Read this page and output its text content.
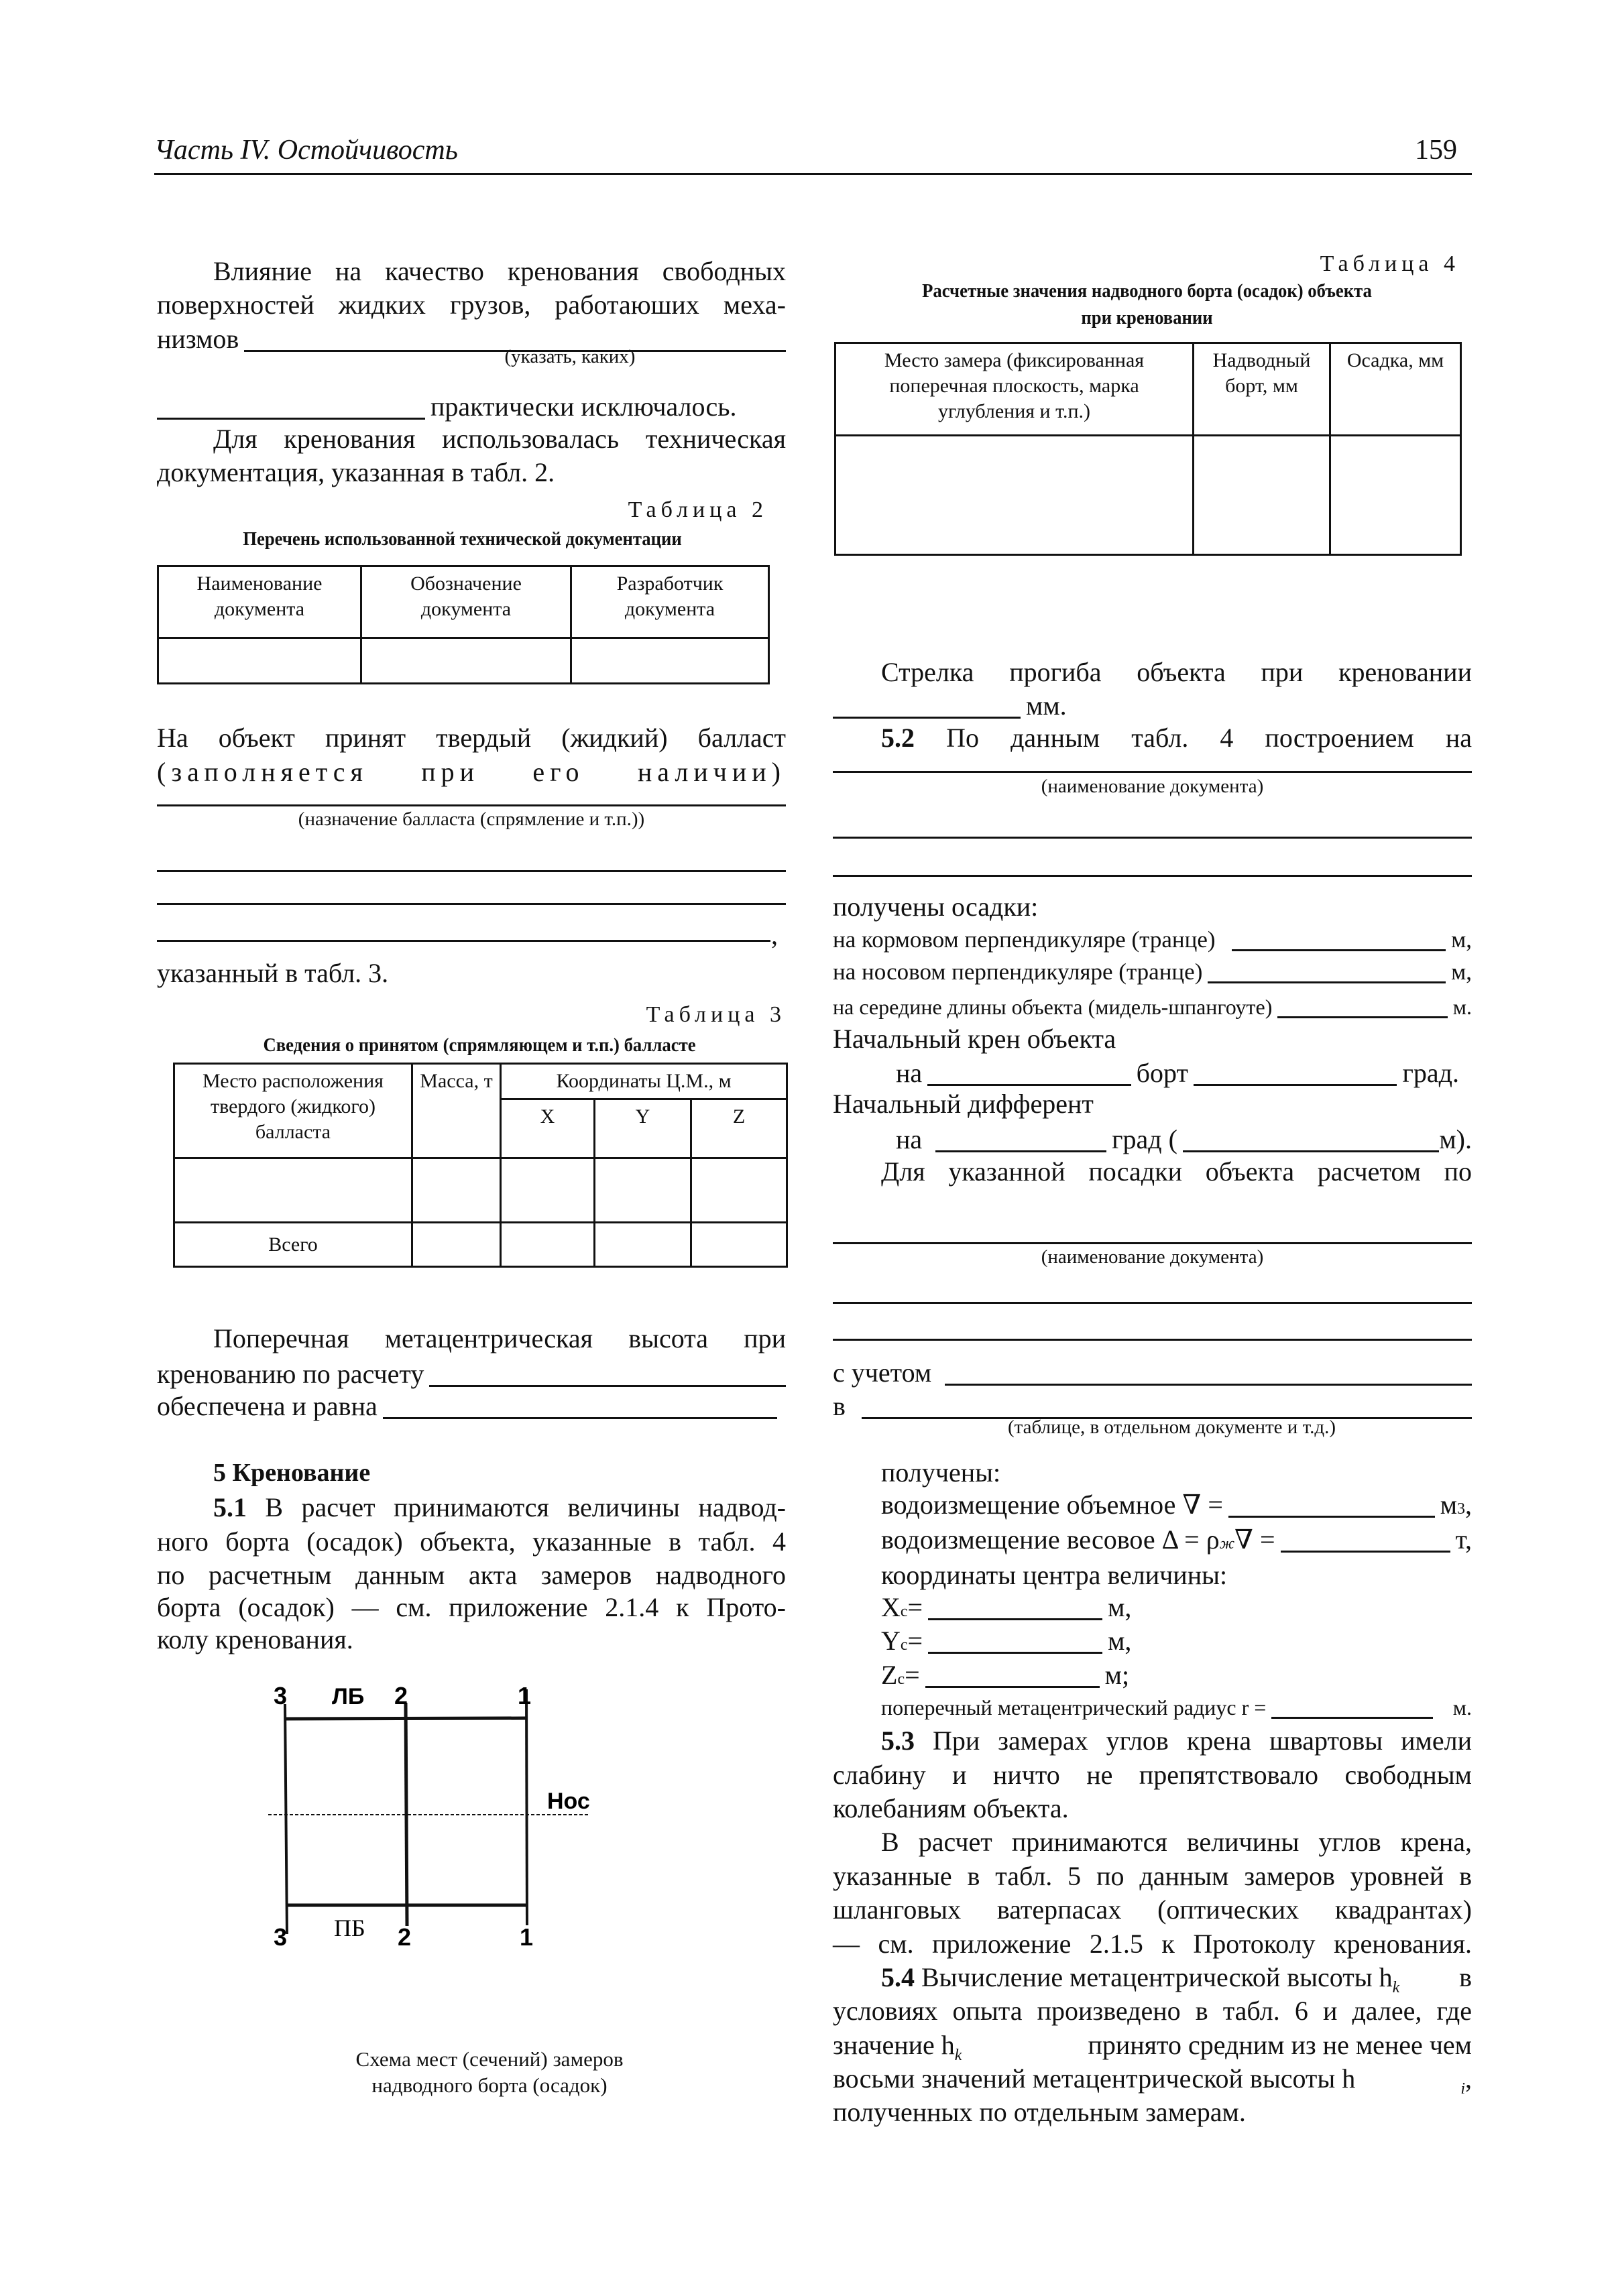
Часть IV. Остойчивость	159
Влияние на качество кренования свободных
поверхностей жидких грузов, работаюших меха-
низмов
(указать, каких)
практически исключалось.
Для кренования использовалась техническая
документация, указанная в табл. 2.
Таблица 2
Перечень использованной технической документации
Наименование документа	Обозначение документа	Разработчик документа

На объект принят твердый (жидкий) балласт
(заполняется при его наличии)
(назначение балласта (спрямление и т.п.))
,
указанный в табл. 3.
Таблица 3
Сведения о принятом (спрямляющем и т.п.) балласте
Место расположения твердого (жидкого) балласта	Масса, т	Координаты Ц.М., м		
		X	Y	Z

Всего				
Поперечная метацентрическая высота при
кренованию по расчету
обеспечена и равна
5 Кренование
5.1 В расчет принимаются величины надвод-
ного борта (осадок) объекта, указанные в табл. 4
по расчетным данным акта замеров надводного
борта (осадок) — см. приложение 2.1.4 к Прото-
колу кренования.
3 ЛБ 2	1
Нос
3 ПБ 2	1
Схема мест (сечений) замеров
надводного борта (осадок)
Таблица 4
Расчетные значения надводного борта (осадок) объекта
при креновании
Место замера (фиксированная поперечная плоскость, марка углубления и т.п.)	Надводный борт, мм	Осадка, мм

Стрелка прогиба объекта при креновании
мм.
5.2 По данным табл. 4 построением на
(наименование документа)
получены осадки:
на кормовом перпендикуляре (транце)	м,
на носовом перпендикуляре (транце)	м,
на середине длины объекта (мидель-шпангоуте)	м.
Начальный крен объекта
на	борт	град.
Начальный дифферент
на	град (	м).
Для указанной посадки объекта расчетом по
(наименование документа)
с учетом
в
(таблице, в отдельном документе и т.д.)
получены:
водоизмещение объемное ∇ =	м 3 ,
водоизмещение весовое Δ = ρ ж ∇ =	т,
координаты центра величины:
X c =	м,
Y c =	м,
Z c =	м;
поперечный метацентрический радиус r =	м.
5.3 При замерах углов крена швартовы имели
слабину и ничто не препятствовало свободным
колебаниям объекта.
В расчет принимаются величины углов крена,
указанные в табл. 5 по данным замеров уровней в
шланговых ватерпасах (оптических квадрантах)
— см. приложение 2.1.5 к Протоколу кренования.
5.4 Вычисление метацентрической высоты $h_k$ в
условиях опыта произведено в табл. 6 и далее, где
значение $h_k$	принято средним из не менее чем
восьми значений метацентрической высоты h	$_i$,
полученных по отдельным замерам.
